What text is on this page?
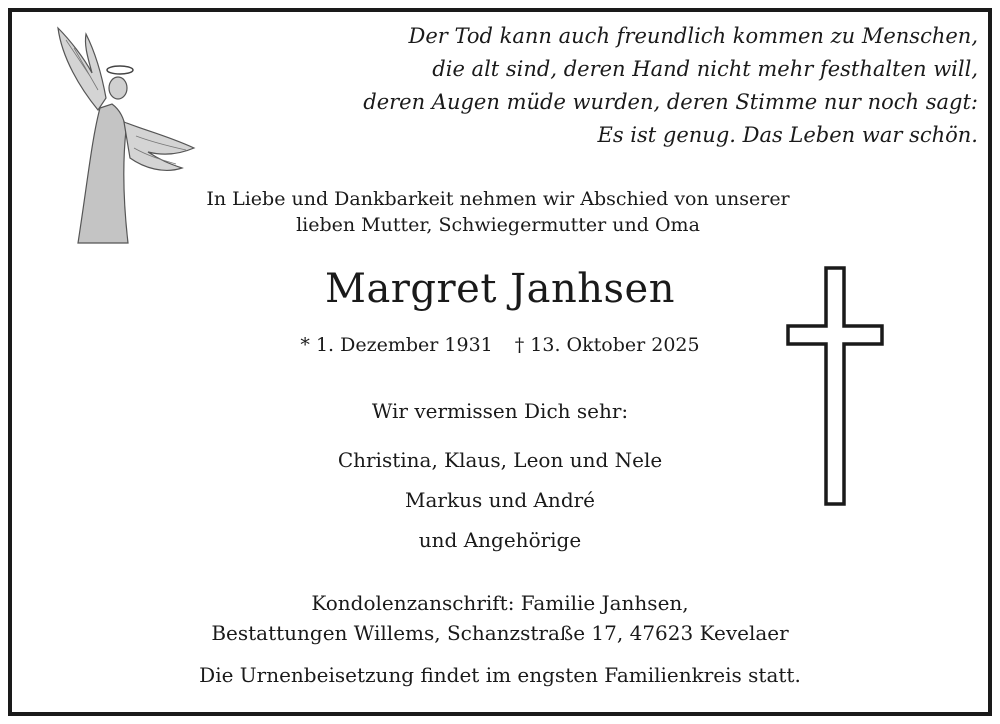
Der Tod kann auch freundlich kommen zu Menschen,
die alt sind, deren Hand nicht mehr festhalten will,
deren Augen müde wurden, deren Stimme nur noch sagt:
Es ist genug. Das Leben war schön.
In Liebe und Dankbarkeit nehmen wir Abschied von unserer
lieben Mutter, Schwiegermutter und Oma
Margret Janhsen
* 1. Dezember 1931 † 13. Oktober 2025
Wir vermissen Dich sehr:
Christina, Klaus, Leon und Nele
Markus und André
und Angehörige
Kondolenzanschrift: Familie Janhsen,
Bestattungen Willems, Schanzstraße 17, 47623 Kevelaer
Die Urnenbeisetzung findet im engsten Familienkreis statt.
